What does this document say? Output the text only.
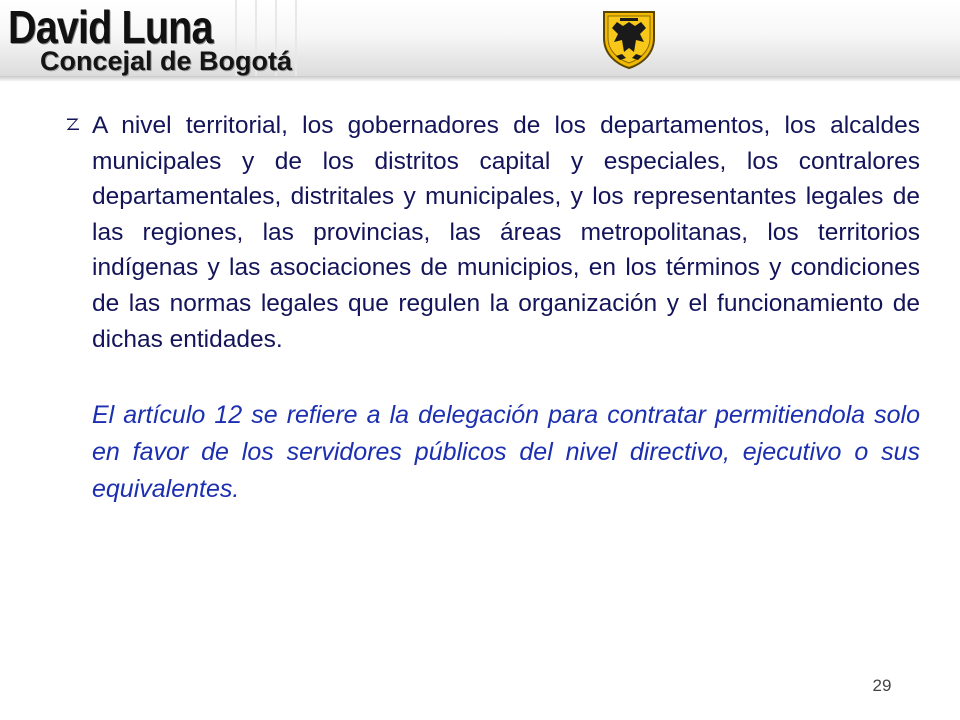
David Luna
Concejal de Bogotá

A nivel territorial, los gobernadores de los departamentos, los alcaldes municipales y de los distritos capital y especiales, los contralores departamentales, distritales y municipales, y los representantes legales de las regiones, las provincias, las áreas metropolitanas, los territorios indígenas y las asociaciones de municipios, en los términos y condiciones de las normas legales que regulen la organización y el funcionamiento de dichas entidades.

El artículo 12 se refiere a la delegación para contratar permitiendola solo en favor de los servidores públicos del nivel directivo, ejecutivo o sus equivalentes.

29
